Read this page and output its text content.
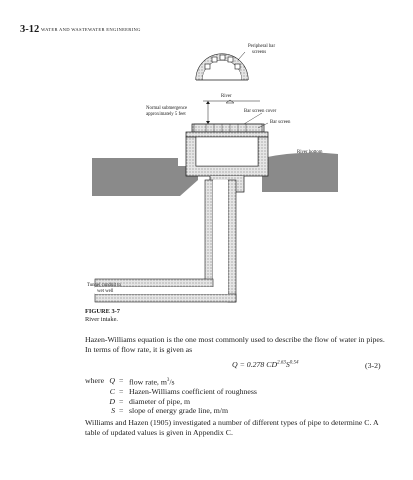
3-12 WATER AND WASTEWATER ENGINEERING
Peripheral bar
screens
River
Normal submergence
approximately 5 feet
Bar screen cover
Bar screen
River bottom
Tunnel conduit to
wet well
FIGURE 3-7
River intake.
Hazen-Williams equation is the one most commonly used to describe the flow of water in pipes. In terms of flow rate, it is given as
Q = 0.278 $CD^{2.63}S^{0.54}$	(3-2)
where Q = flow rate, $m^3/s$
C = Hazen-Williams coefficient of roughness
D = diameter of pipe, m
S = slope of energy grade line, m/m
Williams and Hazen (1905) investigated a number of different types of pipe to determine C. A table of updated values is given in Appendix C.
